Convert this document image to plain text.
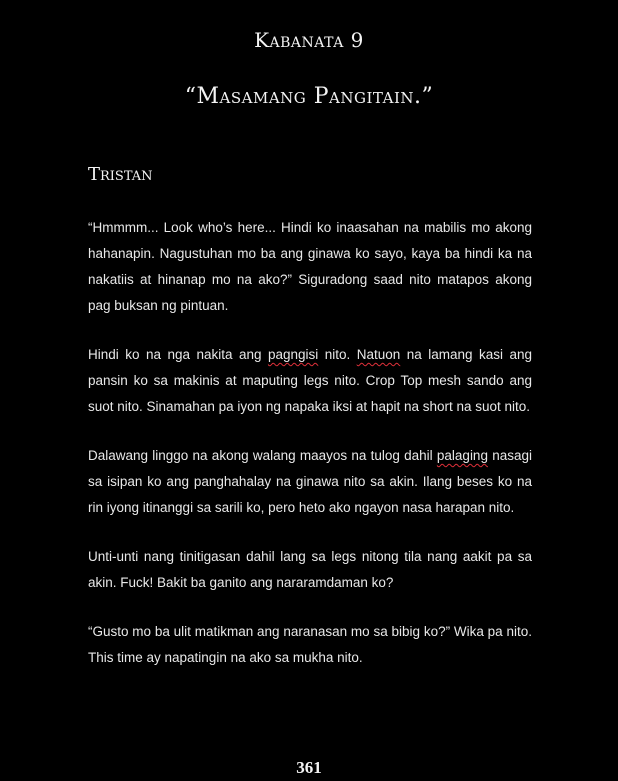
Kabanata 9
“Masamang Pangitain.”
Tristan

“Hmmmm... Look who’s here... Hindi ko inaasahan na mabilis mo akong hahanapin. Nagustuhan mo ba ang ginawa ko sayo, kaya ba hindi ka na nakatiis at hinanap mo na ako?” Siguradong saad nito matapos akong pag buksan ng pintuan.

Hindi ko na nga nakita ang pagngisi nito. Natuon na lamang kasi ang pansin ko sa makinis at maputing legs nito. Crop Top mesh sando ang suot nito. Sinamahan pa iyon ng napaka iksi at hapit na short na suot nito.

Dalawang linggo na akong walang maayos na tulog dahil palaging nasagi sa isipan ko ang panghahalay na ginawa nito sa akin. Ilang beses ko na rin iyong itinanggi sa sarili ko, pero heto ako ngayon nasa harapan nito.

Unti-unti nang tinitigasan dahil lang sa legs nitong tila nang aakit pa sa akin. Fuck! Bakit ba ganito ang nararamdaman ko?

“Gusto mo ba ulit matikman ang naranasan mo sa bibig ko?” Wika pa nito. This time ay napatingin na ako sa mukha nito.

361
